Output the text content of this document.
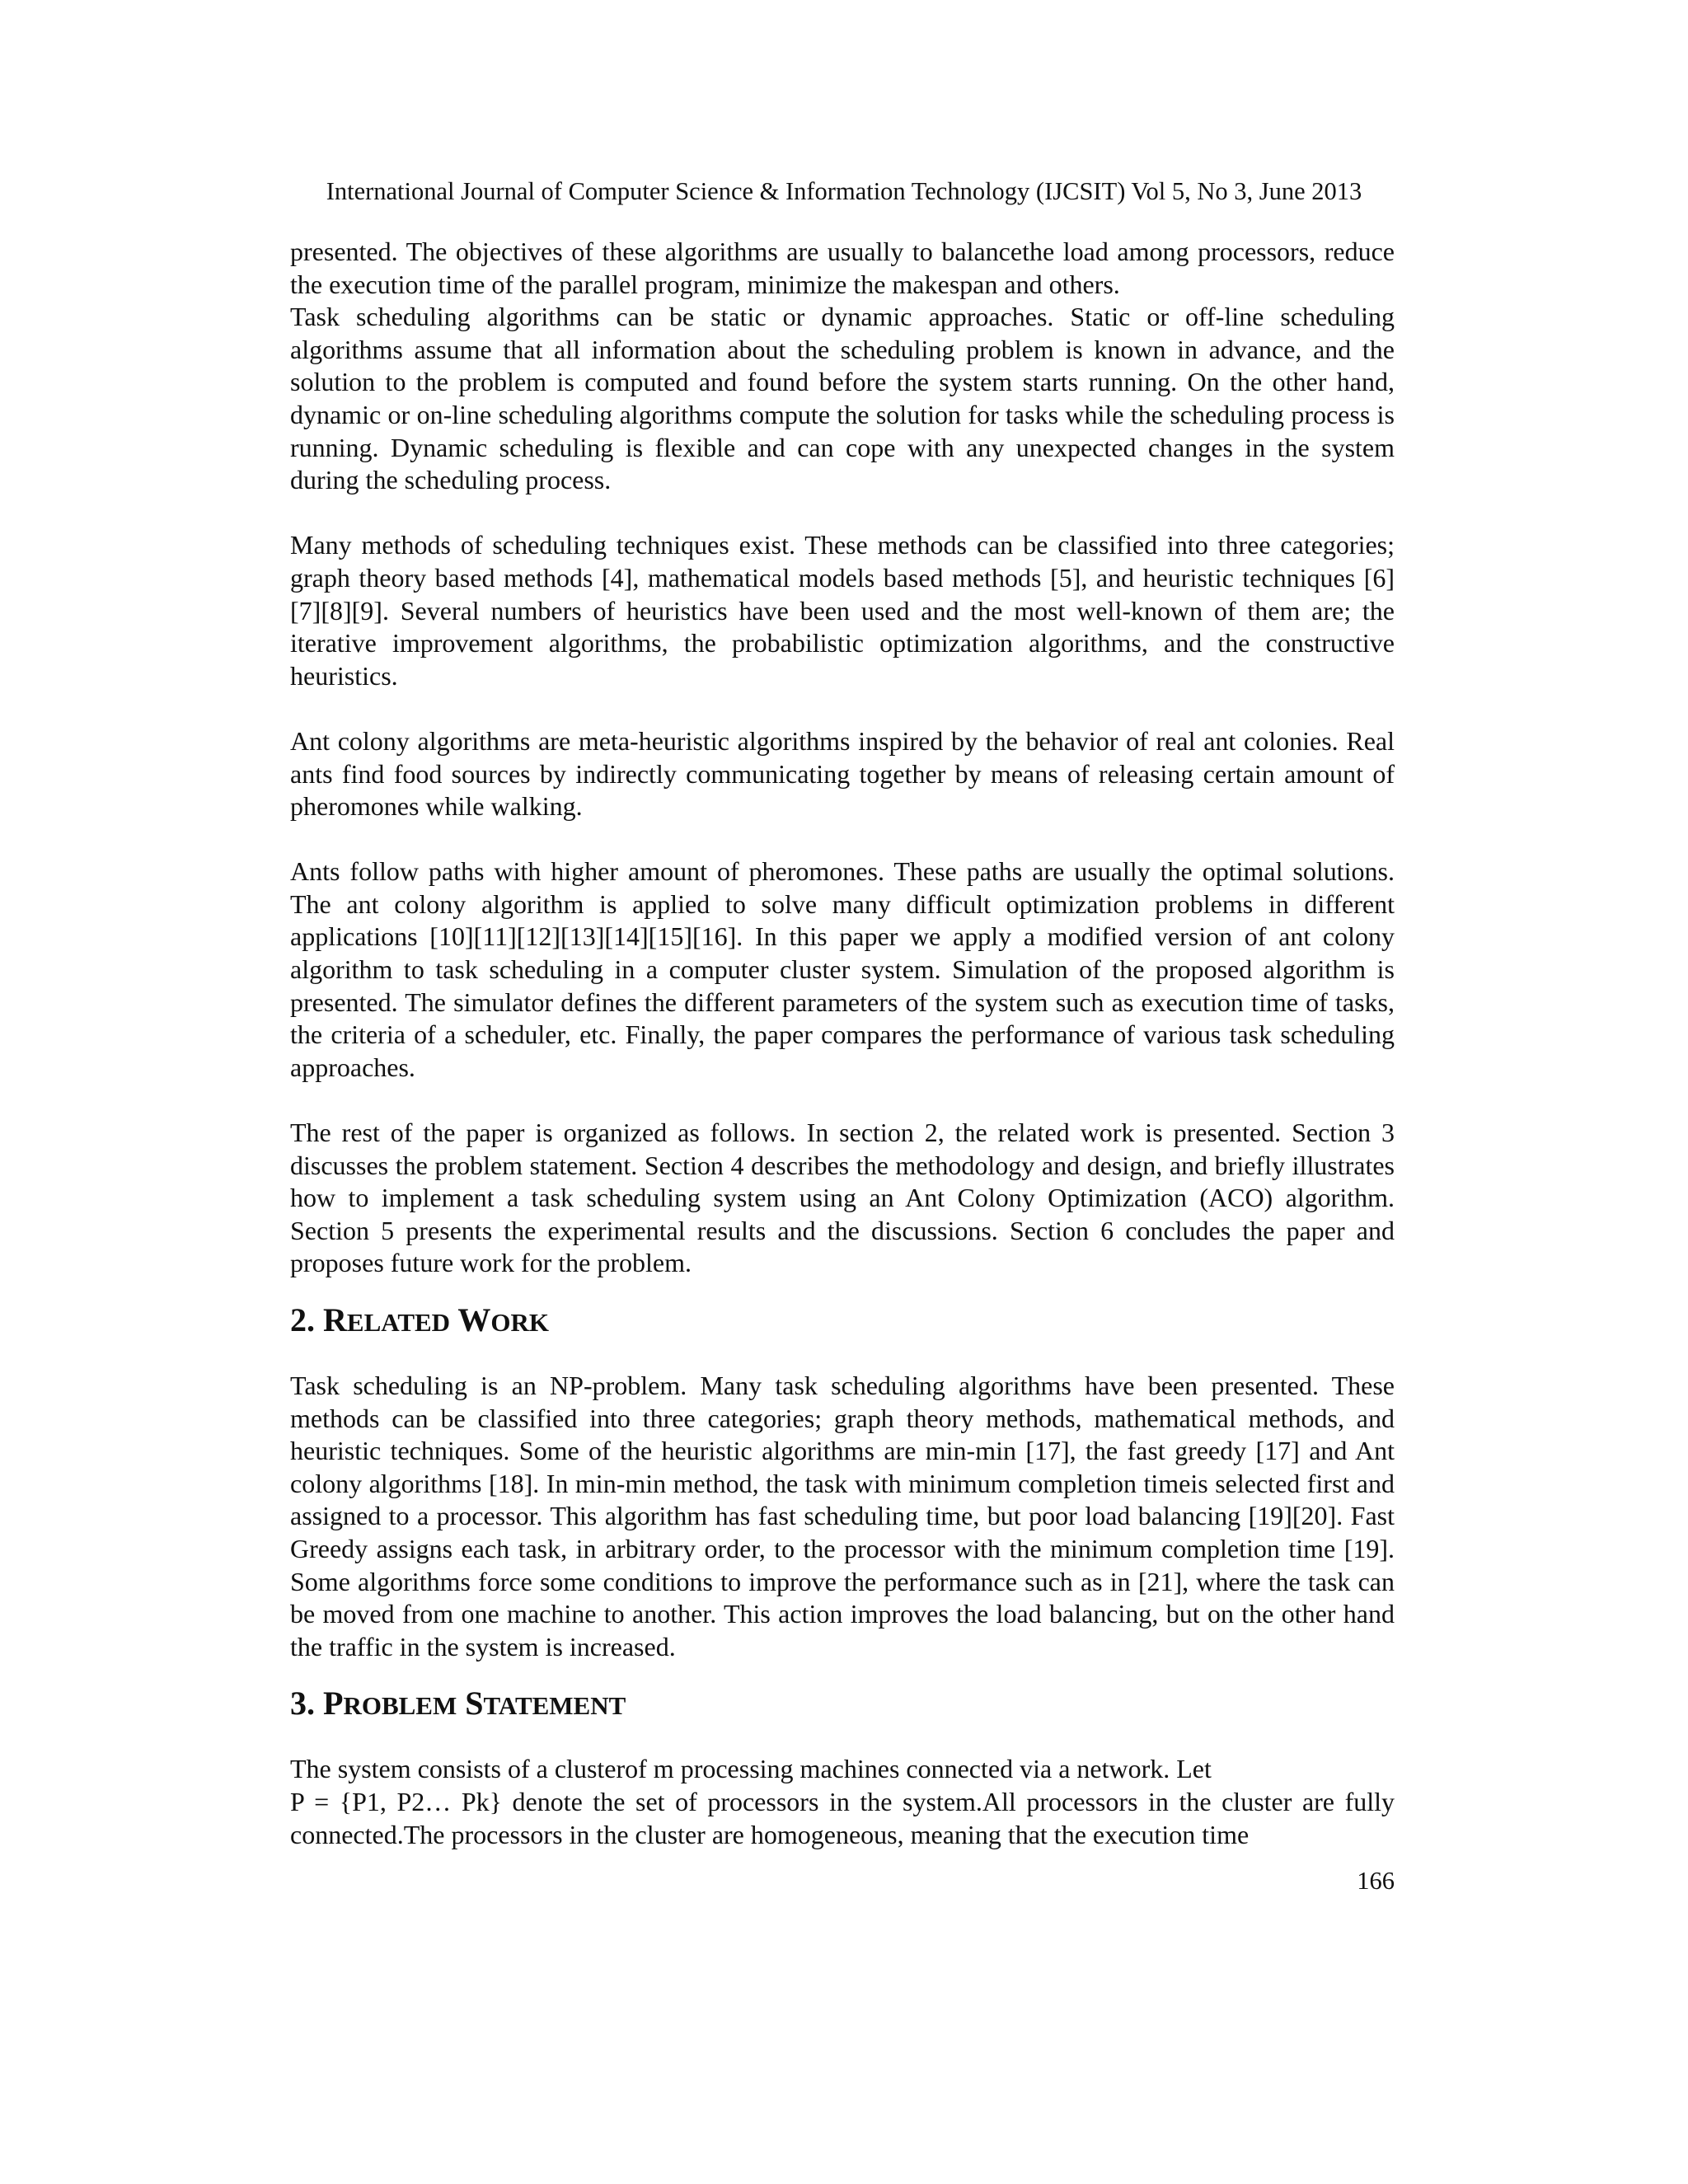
International Journal of Computer Science & Information Technology (IJCSIT) Vol 5, No 3, June 2013

presented. The objectives of these algorithms are usually to balancethe load among processors, reduce the execution time of the parallel program, minimize the makespan and others.

Task scheduling algorithms can be static or dynamic approaches. Static or off-line scheduling algorithms assume that all information about the scheduling problem is known in advance, and the solution to the problem is computed and found before the system starts running. On the other hand, dynamic or on-line scheduling algorithms compute the solution for tasks while the scheduling process is running. Dynamic scheduling is flexible and can cope with any unexpected changes in the system during the scheduling process.

Many methods of scheduling techniques exist. These methods can be classified into three categories; graph theory based methods [4], mathematical models based methods [5], and heuristic techniques [6][7][8][9]. Several numbers of heuristics have been used and the most well-known of them are; the iterative improvement algorithms, the probabilistic optimization algorithms, and the constructive heuristics.

Ant colony algorithms are meta-heuristic algorithms inspired by the behavior of real ant colonies. Real ants find food sources by indirectly communicating together by means of releasing certain amount of pheromones while walking.

Ants follow paths with higher amount of pheromones. These paths are usually the optimal solutions. The ant colony algorithm is applied to solve many difficult optimization problems in different applications [10][11][12][13][14][15][16]. In this paper we apply a modified version of ant colony algorithm to task scheduling in a computer cluster system. Simulation of the proposed algorithm is presented. The simulator defines the different parameters of the system such as execution time of tasks, the criteria of a scheduler, etc. Finally, the paper compares the performance of various task scheduling approaches.

The rest of the paper is organized as follows. In section 2, the related work is presented. Section 3 discusses the problem statement. Section 4 describes the methodology and design, and briefly illustrates how to implement a task scheduling system using an Ant Colony Optimization (ACO) algorithm. Section 5 presents the experimental results and the discussions. Section 6 concludes the paper and proposes future work for the problem.

2. RELATED WORK

Task scheduling is an NP-problem. Many task scheduling algorithms have been presented. These methods can be classified into three categories; graph theory methods, mathematical methods, and heuristic techniques. Some of the heuristic algorithms are min-min [17], the fast greedy [17] and Ant colony algorithms [18]. In min-min method, the task with minimum completion timeis selected first and assigned to a processor. This algorithm has fast scheduling time, but poor load balancing [19][20]. Fast Greedy assigns each task, in arbitrary order, to the processor with the minimum completion time [19]. Some algorithms force some conditions to improve the performance such as in [21], where the task can be moved from one machine to another. This action improves the load balancing, but on the other hand the traffic in the system is increased.

3. PROBLEM STATEMENT

The system consists of a clusterof m processing machines connected via a network. Let

P = {P1, P2… Pk} denote the set of processors in the system.All processors in the cluster are fully connected.The processors in the cluster are homogeneous, meaning that the execution time

166
